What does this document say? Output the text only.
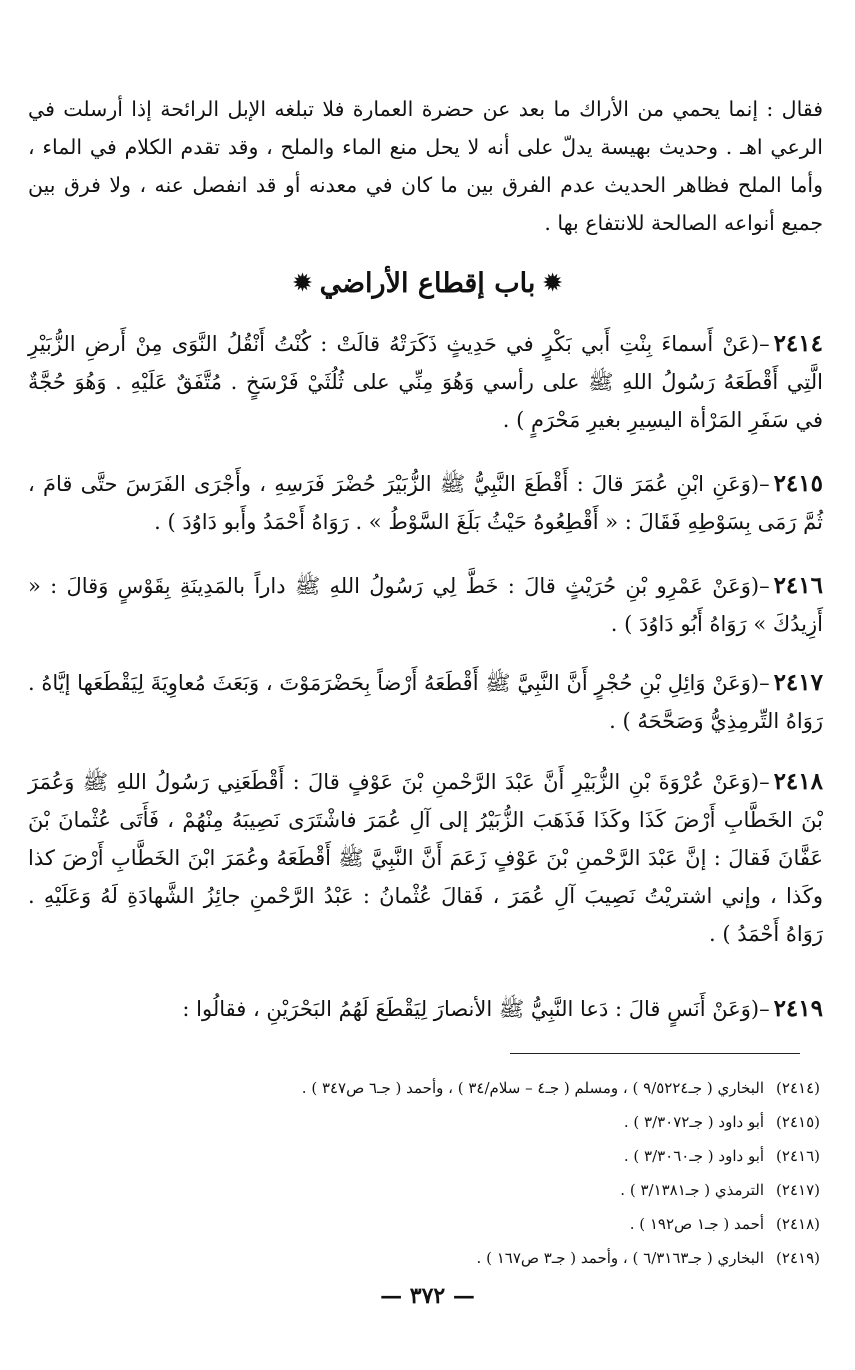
فقال : إنما يحمي من الأراك ما بعد عن حضرة العمارة فلا تبلغه الإبل الرائحة إذا أرسلت في الرعي اهـ . وحديث بهيسة يدلّ على أنه لا يحل منع الماء والملح ، وقد تقدم الكلام في الماء ، وأما الملح فظاهر الحديث عدم الفرق بين ما كان في معدنه أو قد انفصل عنه ، ولا فرق بين جميع أنواعه الصالحة للانتفاع بها .

✹باب إقطاع الأراضي✹

٢٤١٤–(عَنْ أَسماءَ بِنْتِ أَبي بَكْرٍ في حَدِيثٍ ذَكَرَتْهُ قالَتْ : كُنْتُ أَنْقُلُ النَّوَى مِنْ أَرضِ الزُّبَيْرِ الَّتِي أَقْطَعَهُ رَسُولُ اللهِ ﷺ على رأسي وَهُوَ مِنِّي على ثُلُثَيْ فَرْسَخٍ . مُتَّفَقٌ عَلَيْهِ . وَهُوَ حُجَّةٌ في سَفَرِ المَرْأة اليسِيرِ بغيرِ مَحْرَمٍ ) .

٢٤١٥–(وَعَنِ ابْنِ عُمَرَ قالَ : أَقْطَعَ النَّبِيُّ ﷺ الزُّبَيْرَ حُضْرَ فَرَسِهِ ، وأَجْرَى الفَرَسَ حتَّى قامَ ، ثُمَّ رَمَى بِسَوْطِهِ فَقَالَ : « أَقْطِعُوهُ حَيْثُ بَلَغَ السَّوْطُ » . رَوَاهُ أَحْمَدُ وأَبو دَاوُدَ ) .

٢٤١٦–(وَعَنْ عَمْرِو بْنِ حُرَيْثٍ قالَ : خَطَّ لِي رَسُولُ اللهِ ﷺ داراً بالمَدِينَةِ بِقَوْسٍ وَقالَ : « أَزِيدُكَ » رَوَاهُ أَبُو دَاوُدَ ) .

٢٤١٧–(وَعَنْ وَائِلِ بْنِ حُجْرٍ أَنَّ النَّبِيَّ ﷺ أَقْطَعَهُ أَرْضاً بِحَضْرَمَوْتَ ، وَبَعَثَ مُعاوِيَةَ لِيَقْطَعَها إيَّاهُ . رَوَاهُ التِّرمِذِيُّ وَصَحَّحَهُ ) .

٢٤١٨–(وَعَنْ عُرْوَةَ بْنِ الزُّبَيْرِ أَنَّ عَبْدَ الرَّحْمنِ بْنَ عَوْفٍ قالَ : أَقْطَعَنِي رَسُولُ اللهِ ﷺ وَعُمَرَ بْنَ الخَطَّابِ أَرْضَ كَذَا وكَذَا فَذَهَبَ الزُّبَيْرُ إلى آلِ عُمَرَ فاشْتَرَى نَصِيبَهُ مِنْهُمْ ، فَأَتَى عُثْمانَ بْنَ عَفَّانَ فَقالَ : إنَّ عَبْدَ الرَّحْمنِ بْنَ عَوْفٍ زَعَمَ أَنَّ النَّبِيَّ ﷺ أَقْطَعَهُ وعُمَرَ ابْنَ الخَطَّابِ أَرْضَ كذا وكَذا ، وإني اشتريْتُ نَصِيبَ آلِ عُمَرَ ، فَقالَ عُثْمانُ : عَبْدُ الرَّحْمنِ جائِزُ الشَّهادَةِ لَهُ وَعَلَيْهِ . رَوَاهُ أَحْمَدُ ) .

٢٤١٩–(وَعَنْ أَنَسٍ قالَ : دَعا النَّبِيُّ ﷺ الأنصارَ لِيَقْطَعَ لَهُمُ البَحْرَيْنِ ، فقالُوا :

(٢٤١٤)البخاري ( جـ٩/٥٢٢٤ ) ، ومسلم ( جـ٤ – سلام/٣٤ ) ، وأحمد ( جـ٦ ص٣٤٧ ) .

(٢٤١٥)أبو داود ( جـ٣/٣٠٧٢ ) .

(٢٤١٦)أبو داود ( جـ٣/٣٠٦٠ ) .

(٢٤١٧)الترمذي ( جـ٣/١٣٨١ ) .

(٢٤١٨)أحمد ( جـ١ ص١٩٢ ) .

(٢٤١٩)البخاري ( جـ٦/٣١٦٣ ) ، وأحمد ( جـ٣ ص١٦٧ ) .

— ٣٧٢ —
